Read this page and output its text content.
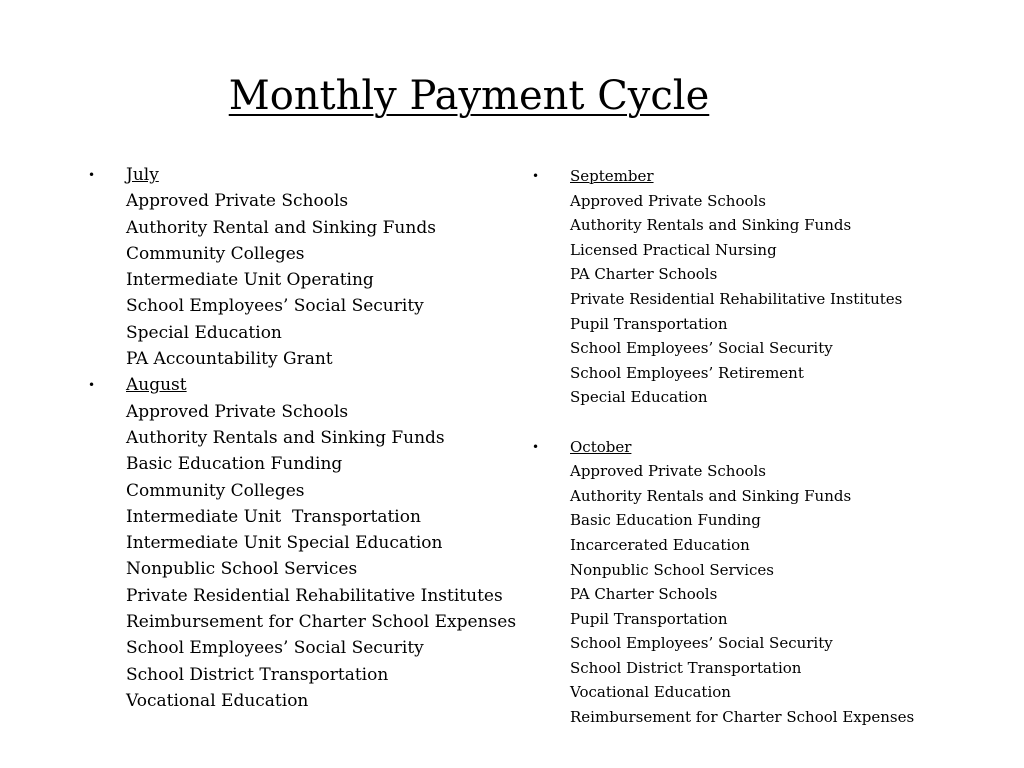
Monthly Payment Cycle
• July
Approved Private Schools
Authority Rental and Sinking Funds
Community Colleges
Intermediate Unit Operating
School Employees’ Social Security
Special Education
PA Accountability Grant
• August
Approved Private Schools
Authority Rentals and Sinking Funds
Basic Education Funding
Community Colleges
Intermediate Unit  Transportation
Intermediate Unit Special Education
Nonpublic School Services
Private Residential Rehabilitative Institutes
Reimbursement for Charter School Expenses
School Employees’ Social Security
School District Transportation
Vocational Education
• September
Approved Private Schools
Authority Rentals and Sinking Funds
Licensed Practical Nursing
PA Charter Schools
Private Residential Rehabilitative Institutes
Pupil Transportation
School Employees’ Social Security
School Employees’ Retirement
Special Education
• October
Approved Private Schools
Authority Rentals and Sinking Funds
Basic Education Funding
Incarcerated Education
Nonpublic School Services
PA Charter Schools
Pupil Transportation
School Employees’ Social Security
School District Transportation
Vocational Education
Reimbursement for Charter School Expenses
